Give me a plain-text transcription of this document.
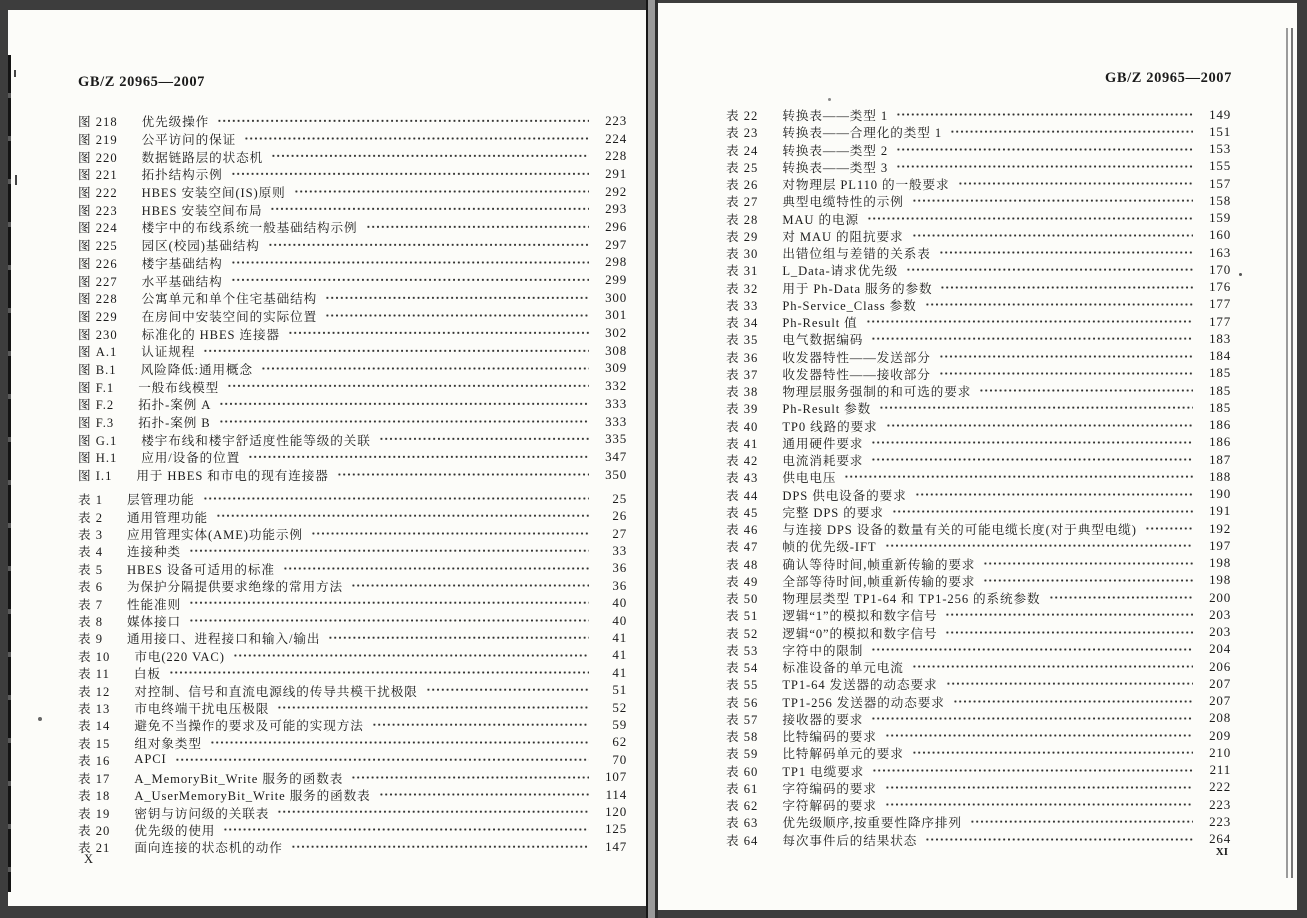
GB/Z 20965—2007
图 218 优先级操作	223
图 219 公平访问的保证	224
图 220 数据链路层的状态机	228
图 221 拓扑结构示例	291
图 222 HBES 安装空间(IS)原则	292
图 223 HBES 安装空间布局	293
图 224 楼宇中的布线系统一般基础结构示例	296
图 225 园区(校园)基础结构	297
图 226 楼宇基础结构	298
图 227 水平基础结构	299
图 228 公寓单元和单个住宅基础结构	300
图 229 在房间中安装空间的实际位置	301
图 230 标准化的 HBES 连接器	302
图 A.1 认证规程	308
图 B.1 风险降低:通用概念	309
图 F.1 一般布线模型	332
图 F.2 拓扑-案例 A	333
图 F.3 拓扑-案例 B	333
图 G.1 楼宇布线和楼宇舒适度性能等级的关联	335
图 H.1 应用/设备的位置	347
图 I.1 用于 HBES 和市电的现有连接器	350
表 1 层管理功能	25
表 2 通用管理功能	26
表 3 应用管理实体(AME)功能示例	27
表 4 连接种类	33
表 5 HBES 设备可适用的标准	36
表 6 为保护分隔提供要求绝缘的常用方法	36
表 7 性能准则	40
表 8 媒体接口	40
表 9 通用接口、进程接口和输入/输出	41
表 10 市电(220 VAC)	41
表 11 白板	41
表 12 对控制、信号和直流电源线的传导共模干扰极限	51
表 13 市电终端干扰电压极限	52
表 14 避免不当操作的要求及可能的实现方法	59
表 15 组对象类型	62
表 16 APCI	70
表 17 A_MemoryBit_Write 服务的函数表	107
表 18 A_UserMemoryBit_Write 服务的函数表	114
表 19 密钥与访问级的关联表	120
表 20 优先级的使用	125
表 21 面向连接的状态机的动作	147
X
GB/Z 20965—2007
表 22 转换表——类型 1	149
表 23 转换表——合理化的类型 1	151
表 24 转换表——类型 2	153
表 25 转换表——类型 3	155
表 26 对物理层 PL110 的一般要求	157
表 27 典型电缆特性的示例	158
表 28 MAU 的电源	159
表 29 对 MAU 的阻抗要求	160
表 30 出错位组与差错的关系表	163
表 31 L_Data-请求优先级	170
表 32 用于 Ph-Data 服务的参数	176
表 33 Ph-Service_Class 参数	177
表 34 Ph-Result 值	177
表 35 电气数据编码	183
表 36 收发器特性——发送部分	184
表 37 收发器特性——接收部分	185
表 38 物理层服务强制的和可选的要求	185
表 39 Ph-Result 参数	185
表 40 TP0 线路的要求	186
表 41 通用硬件要求	186
表 42 电流消耗要求	187
表 43 供电电压	188
表 44 DPS 供电设备的要求	190
表 45 完整 DPS 的要求	191
表 46 与连接 DPS 设备的数量有关的可能电缆长度(对于典型电缆)	192
表 47 帧的优先级-IFT	197
表 48 确认等待时间,帧重新传输的要求	198
表 49 全部等待时间,帧重新传输的要求	198
表 50 物理层类型 TP1-64 和 TP1-256 的系统参数	200
表 51 逻辑“1”的模拟和数字信号	203
表 52 逻辑“0”的模拟和数字信号	203
表 53 字符中的限制	204
表 54 标准设备的单元电流	206
表 55 TP1-64 发送器的动态要求	207
表 56 TP1-256 发送器的动态要求	207
表 57 接收器的要求	208
表 58 比特编码的要求	209
表 59 比特解码单元的要求	210
表 60 TP1 电缆要求	211
表 61 字符编码的要求	222
表 62 字符解码的要求	223
表 63 优先级顺序,按重要性降序排列	223
表 64 每次事件后的结果状态	264
XI
